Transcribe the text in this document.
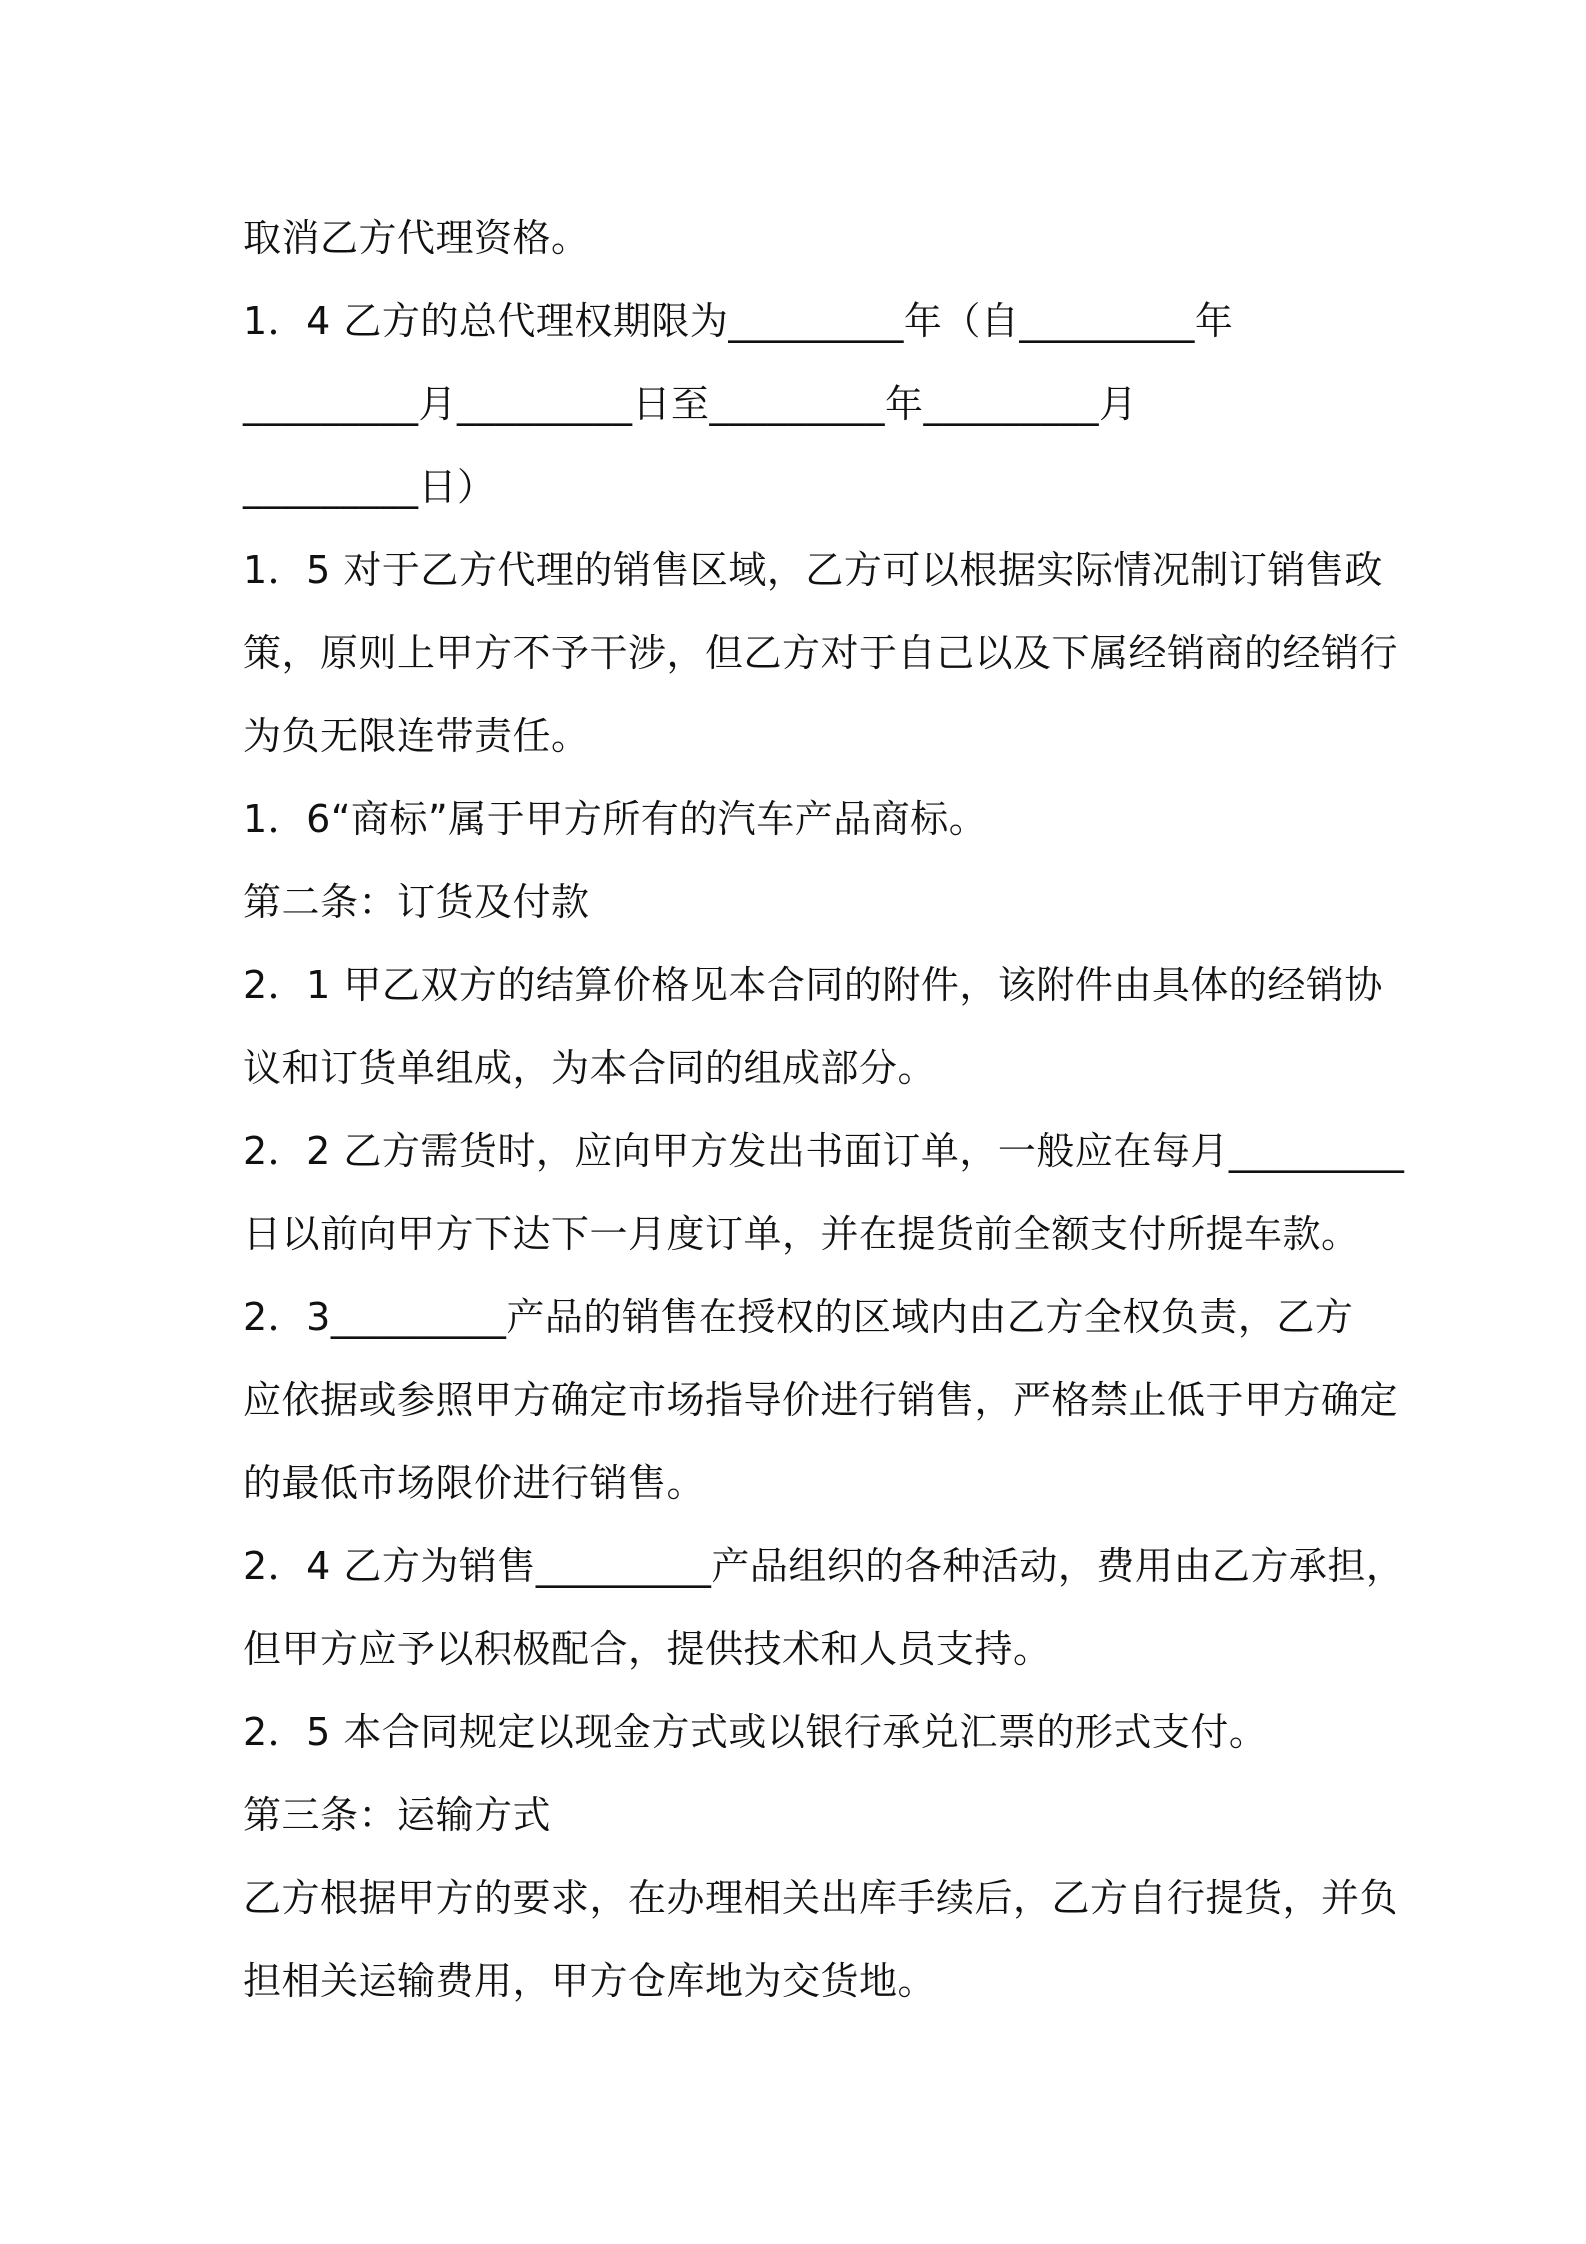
取消乙方代理资格。
1．4 乙方的总代理权期限为_________年（自_________年
_________月_________日至_________年_________月
_________日）
1．5 对于乙方代理的销售区域，乙方可以根据实际情况制订销售政
策，原则上甲方不予干涉，但乙方对于自己以及下属经销商的经销行
为负无限连带责任。
1．6“商标”属于甲方所有的汽车产品商标。
第二条：订货及付款
2．1 甲乙双方的结算价格见本合同的附件，该附件由具体的经销协
议和订货单组成，为本合同的组成部分。
2．2 乙方需货时，应向甲方发出书面订单，一般应在每月_________
日以前向甲方下达下一月度订单，并在提货前全额支付所提车款。
2．3_________产品的销售在授权的区域内由乙方全权负责，乙方
应依据或参照甲方确定市场指导价进行销售，严格禁止低于甲方确定
的最低市场限价进行销售。
2．4 乙方为销售_________产品组织的各种活动，费用由乙方承担，
但甲方应予以积极配合，提供技术和人员支持。
2．5 本合同规定以现金方式或以银行承兑汇票的形式支付。
第三条：运输方式
乙方根据甲方的要求，在办理相关出库手续后，乙方自行提货，并负
担相关运输费用，甲方仓库地为交货地。
